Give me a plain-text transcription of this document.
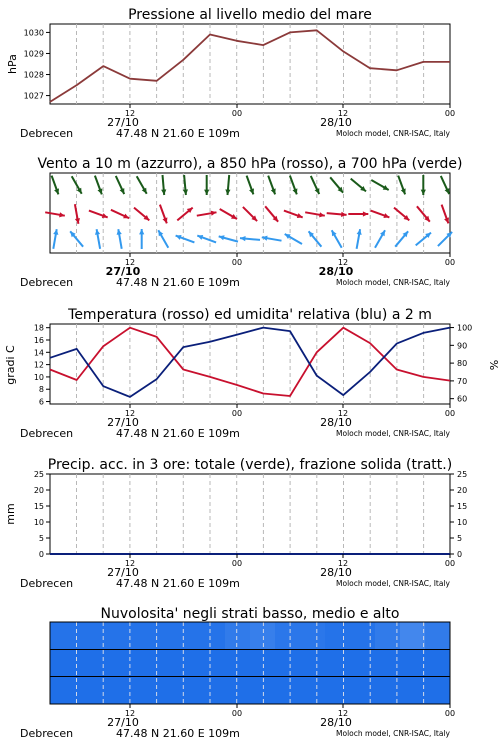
Pressione al livello medio del mare
hPa
1027
1028
1029
1030
12	00	12	00
27/10	28/10
Debrecen	47.48 N 21.60 E 109m	Moloch model, CNR-ISAC, Italy
Vento a 10 m (azzurro), a 850 hPa (rosso), a 700 hPa (verde)
12	00	12	00
27/10	28/10
Debrecen	47.48 N 21.60 E 109m	Moloch model, CNR-ISAC, Italy
Temperatura (rosso) ed umidita' relativa (blu) a 2 m
gradi C	%
6
8
10
12
14
16
18
60
70
80
90
100
12	00	12	00
27/10	28/10
Debrecen	47.48 N 21.60 E 109m	Moloch model, CNR-ISAC, Italy
Precip. acc. in 3 ore: totale (verde), frazione solida (tratt.)
mm
0
5
10
15
20
25
0
5
10
15
20
25
12	00	12	00
27/10	28/10
Debrecen	47.48 N 21.60 E 109m	Moloch model, CNR-ISAC, Italy
Nuvolosita' negli strati basso, medio e alto
12	00	12	00
27/10	28/10
Debrecen	47.48 N 21.60 E 109m	Moloch model, CNR-ISAC, Italy
